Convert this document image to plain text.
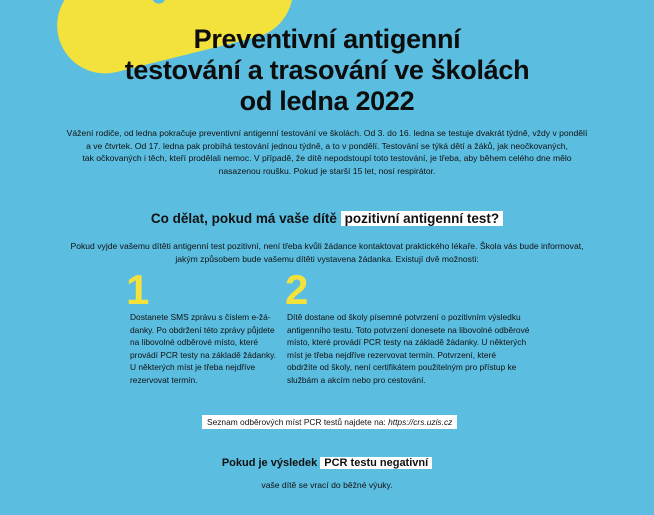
Preventivní antigenní
testování a trasování ve školách
od ledna 2022
Vážení rodiče, od ledna pokračuje preventivní antigenní testování ve školách. Od 3. do 16. ledna se testuje dvakrát týdně, vždy v pondělí
a ve čtvrtek. Od 17. ledna pak probíhá testování jednou týdně, a to v pondělí. Testování se týká dětí a žáků, jak neočkovaných,
tak očkovaných i těch, kteří prodělali nemoc. V případě, že dítě nepodstoupí toto testování, je třeba, aby během celého dne mělo
nasazenou roušku. Pokud je starší 15 let, nosí respirátor.
Co dělat, pokud má vaše dítě pozitivní antigenní test?
Pokud vyjde vašemu dítěti antigenní test pozitivní, není třeba kvůli žádance kontaktovat praktického lékaře. Škola vás bude informovat,
jakým způsobem bude vašemu dítěti vystavena žádanka. Existují dvě možnosti:
1
Dostanete SMS zprávu s číslem e-žá-
danky. Po obdržení této zprávy půjdete
na libovolné odběrové místo, které
provádí PCR testy na základě žádanky.
U některých míst je třeba nejdříve
rezervovat termín.
2
Dítě dostane od školy písemné potvrzení o pozitivním výsledku
antigenního testu. Toto potvrzení donesete na libovolné odběrové
místo, které provádí PCR testy na základě žádanky. U některých
míst je třeba nejdříve rezervovat termín. Potvrzení, které
obdržíte od školy, není certifikátem použitelným pro přístup ke
službám a akcím nebo pro cestování.
Seznam odběrových míst PCR testů najdete na: https://crs.uzis.cz
Pokud je výsledek PCR testu negativní
vaše dítě se vrací do běžné výuky.
